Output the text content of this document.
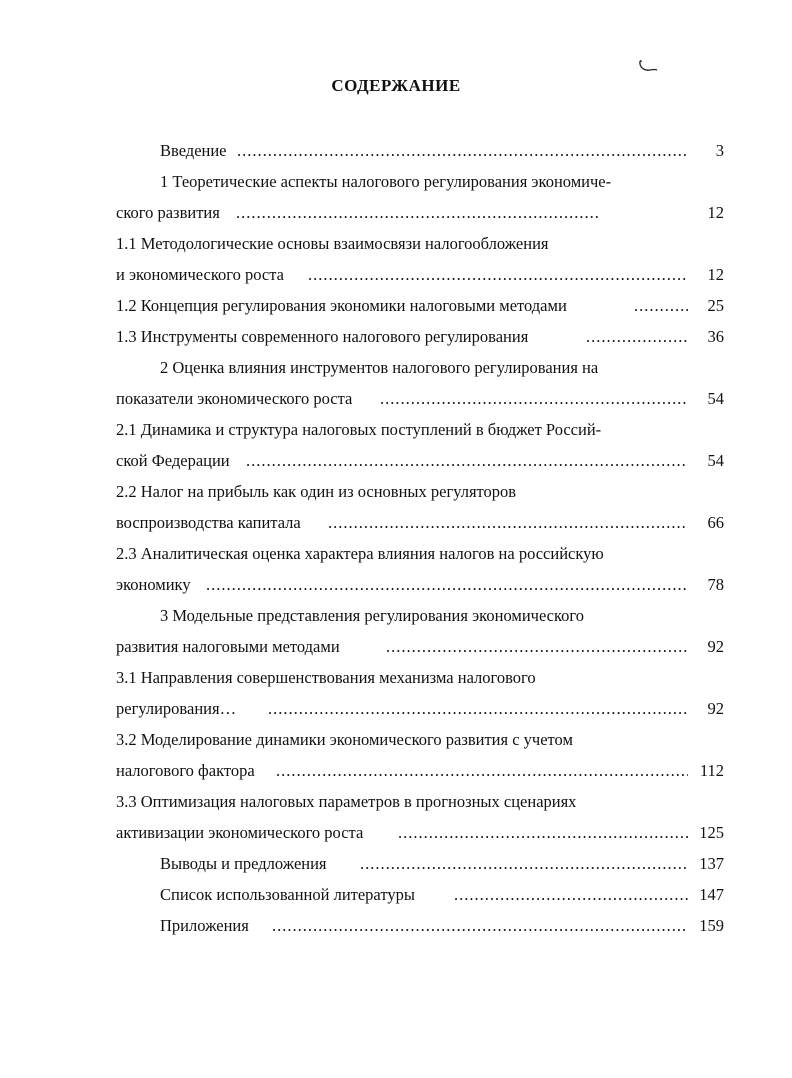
СОДЕРЖАНИЕ
Введение .....	3
1 Теоретические аспекты налогового регулирования экономиче-
ского развития .....	12
1.1 Методологические основы взаимосвязи налогообложения
и экономического роста .....	12
1.2 Концепция регулирования экономики налоговыми методами .....	25
1.3 Инструменты современного налогового регулирования .....	36
2 Оценка влияния инструментов налогового регулирования на
показатели экономического роста .....	54
2.1 Динамика и структура налоговых поступлений в бюджет Россий-
ской Федерации .....	54
2.2 Налог на прибыль как один из основных регуляторов
воспроизводства капитала .....	66
2.3 Аналитическая оценка характера влияния налогов на российскую
экономику .....	78
3 Модельные представления регулирования экономического
развития налоговыми методами .....	92
3.1 Направления совершенствования механизма налогового
регулирования… .....	92
3.2 Моделирование динамики экономического развития с учетом
налогового фактора .....	112
3.3 Оптимизация налоговых параметров в прогнозных сценариях
активизации экономического роста .....	125
Выводы и предложения .....	137
Список использованной литературы .....	147
Приложения .....	159
